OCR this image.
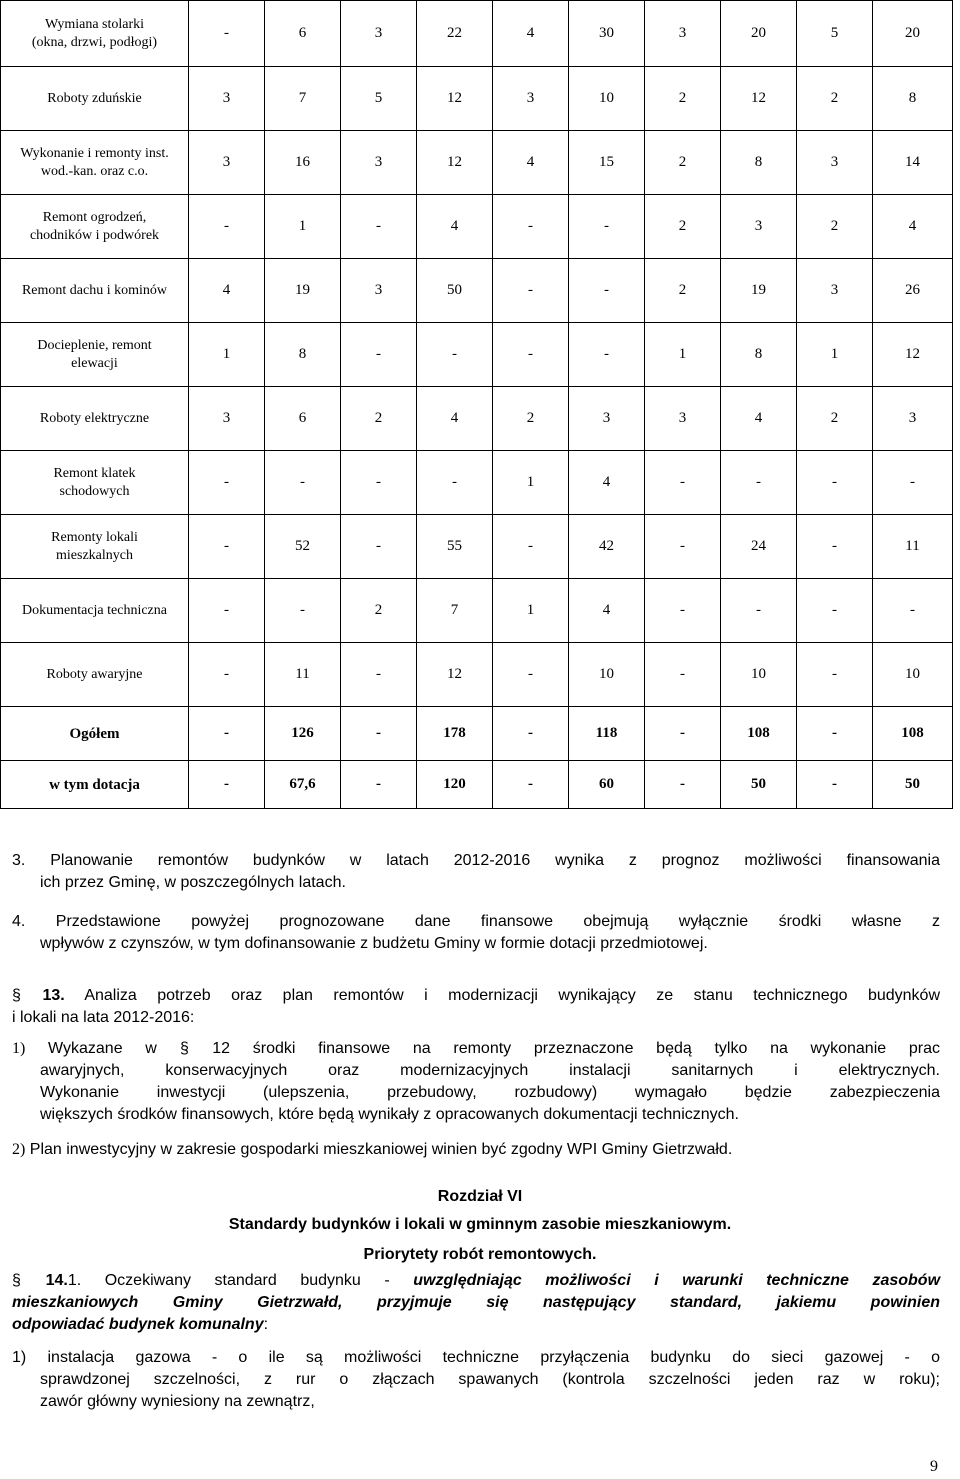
Wymiana stolarki
(okna, drzwi, podłogi)	-	6	3	22	4	30	3	20	5	20

Roboty zduńskie	3	7	5	12	3	10	2	12	2	8

Wykonanie i remonty inst.
wod.-kan. oraz c.o.	3	16	3	12	4	15	2	8	3	14

Remont ogrodzeń,
chodników i podwórek	-	1	-	4	-	-	2	3	2	4

Remont dachu i kominów	4	19	3	50	-	-	2	19	3	26

Docieplenie, remont
elewacji	1	8	-	-	-	-	1	8	1	12

Roboty elektryczne	3	6	2	4	2	3	3	4	2	3

Remont klatek
schodowych	-	-	-	-	1	4	-	-	-	-

Remonty lokali
mieszkalnych	-	52	-	55	-	42	-	24	-	11

Dokumentacja techniczna	-	-	2	7	1	4	-	-	-	-

Roboty awaryjne	-	11	-	12	-	10	-	10	-	10

Ogółem	-	126	-	178	-	118	-	108	-	108

w tym dotacja	-	67,6	-	120	-	60	-	50	-	50
3. Planowanie remontów budynków w latach 2012-2016 wynika z prognoz możliwości finansowania
ich przez Gminę, w poszczególnych latach.
4. Przedstawione powyżej prognozowane dane finansowe obejmują wyłącznie środki własne z
wpływów z czynszów, w tym dofinansowanie z budżetu Gminy w formie dotacji przedmiotowej.
§ 13. Analiza potrzeb oraz plan remontów i modernizacji wynikający ze stanu technicznego budynków
i lokali na lata 2012-2016:
1) Wykazane w § 12 środki finansowe na remonty przeznaczone będą tylko na wykonanie prac
awaryjnych, konserwacyjnych oraz modernizacyjnych instalacji sanitarnych i elektrycznych.
Wykonanie inwestycji (ulepszenia, przebudowy, rozbudowy) wymagało będzie zabezpieczenia
większych środków finansowych, które będą wynikały z opracowanych dokumentacji technicznych.
2) Plan inwestycyjny w zakresie gospodarki mieszkaniowej winien być zgodny WPI Gminy Gietrzwałd.
Rozdział VI
Standardy budynków i lokali w gminnym zasobie mieszkaniowym.
Priorytety robót remontowych.
§ 14.1. Oczekiwany standard budynku - uwzględniając możliwości i warunki techniczne zasobów
mieszkaniowych Gminy Gietrzwałd, przyjmuje się następujący standard, jakiemu powinien
odpowiadać budynek komunalny:
1) instalacja gazowa - o ile są możliwości techniczne przyłączenia budynku do sieci gazowej - o
sprawdzonej szczelności, z rur o złączach spawanych (kontrola szczelności jeden raz w roku);
zawór główny wyniesiony na zewnątrz,
9
